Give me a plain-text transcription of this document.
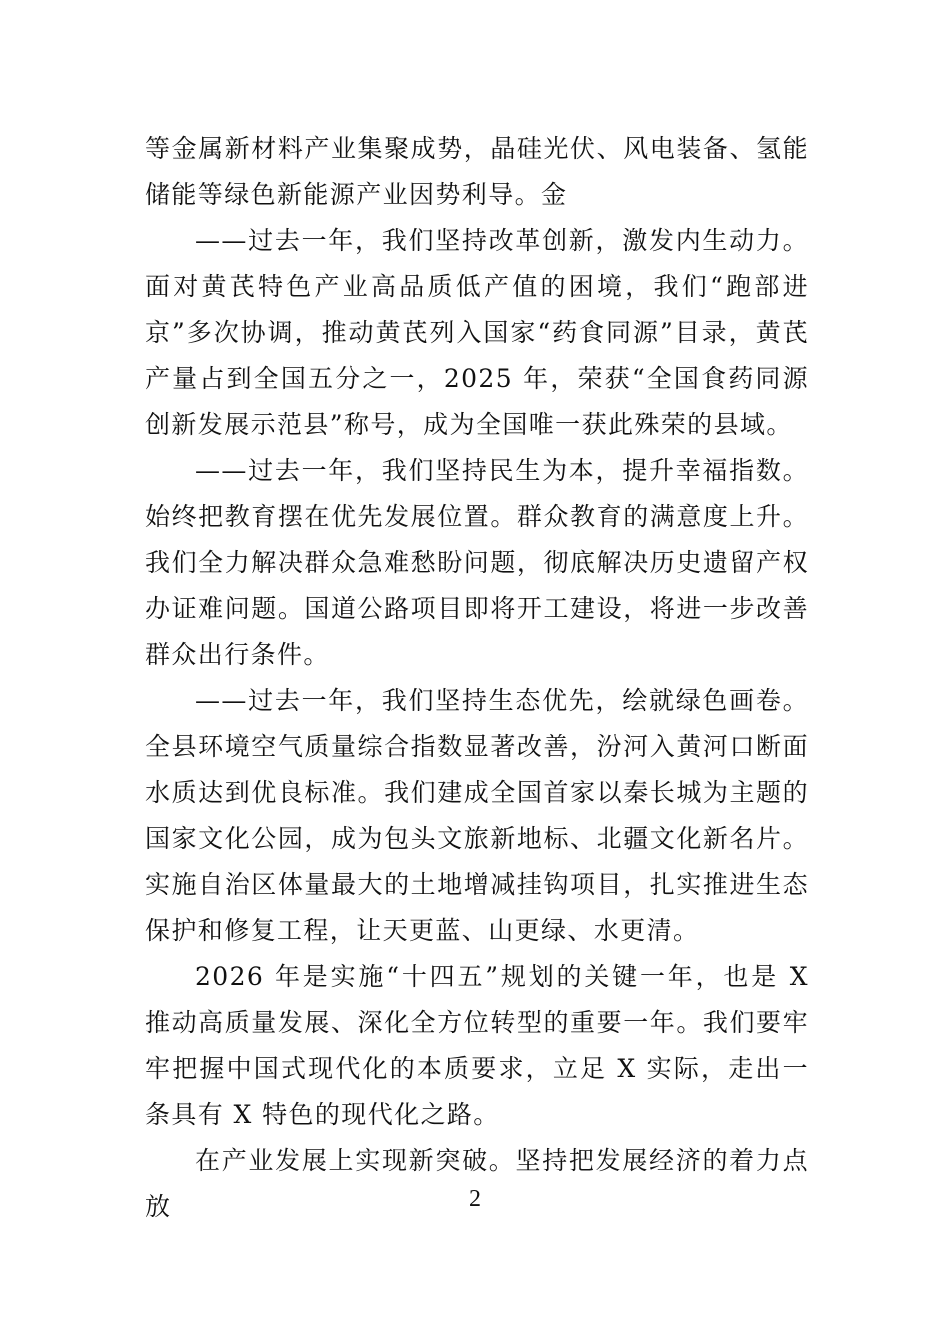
等金属新材料产业集聚成势，晶硅光伏、风电装备、氢能储能等绿色新能源产业因势利导。金

——过去一年，我们坚持改革创新，激发内生动力。面对黄芪特色产业高品质低产值的困境，我们“跑部进京”多次协调，推动黄芪列入国家“药食同源”目录，黄芪产量占到全国五分之一，2025 年，荣获“全国食药同源创新发展示范县”称号，成为全国唯一获此殊荣的县域。

——过去一年，我们坚持民生为本，提升幸福指数。始终把教育摆在优先发展位置。群众教育的满意度上升。我们全力解决群众急难愁盼问题，彻底解决历史遗留产权办证难问题。国道公路项目即将开工建设，将进一步改善群众出行条件。

——过去一年，我们坚持生态优先，绘就绿色画卷。全县环境空气质量综合指数显著改善，汾河入黄河口断面水质达到优良标准。我们建成全国首家以秦长城为主题的国家文化公园，成为包头文旅新地标、北疆文化新名片。实施自治区体量最大的土地增减挂钩项目，扎实推进生态保护和修复工程，让天更蓝、山更绿、水更清。

2026 年是实施“十四五”规划的关键一年，也是 X 推动高质量发展、深化全方位转型的重要一年。我们要牢牢把握中国式现代化的本质要求，立足 X 实际，走出一条具有 X 特色的现代化之路。

在产业发展上实现新突破。坚持把发展经济的着力点放	2
